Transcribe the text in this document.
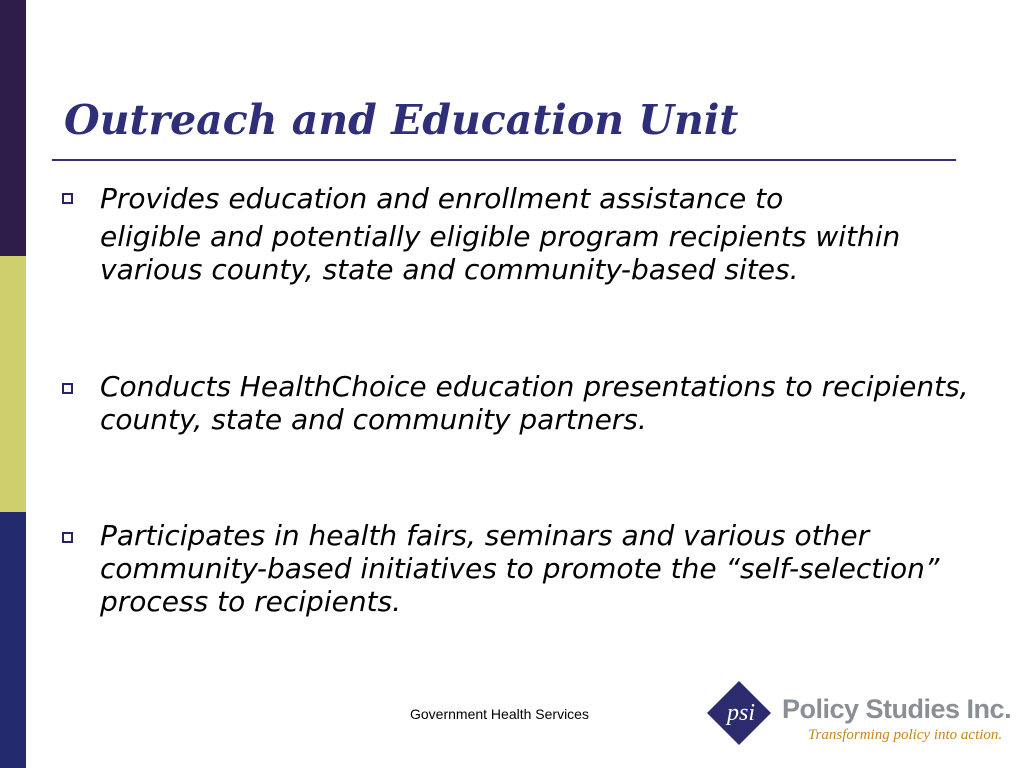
Outreach and Education Unit
Provides education and enrollment assistance to
eligible and potentially eligible program recipients within various county, state and community-based sites.
Conducts HealthChoice education presentations to recipients, county, state and community partners.
Participates in health fairs, seminars and various other community-based initiatives to promote the “self-selection” process to recipients.
Government Health Services	psi Policy Studies Inc.
Transforming policy into action.
